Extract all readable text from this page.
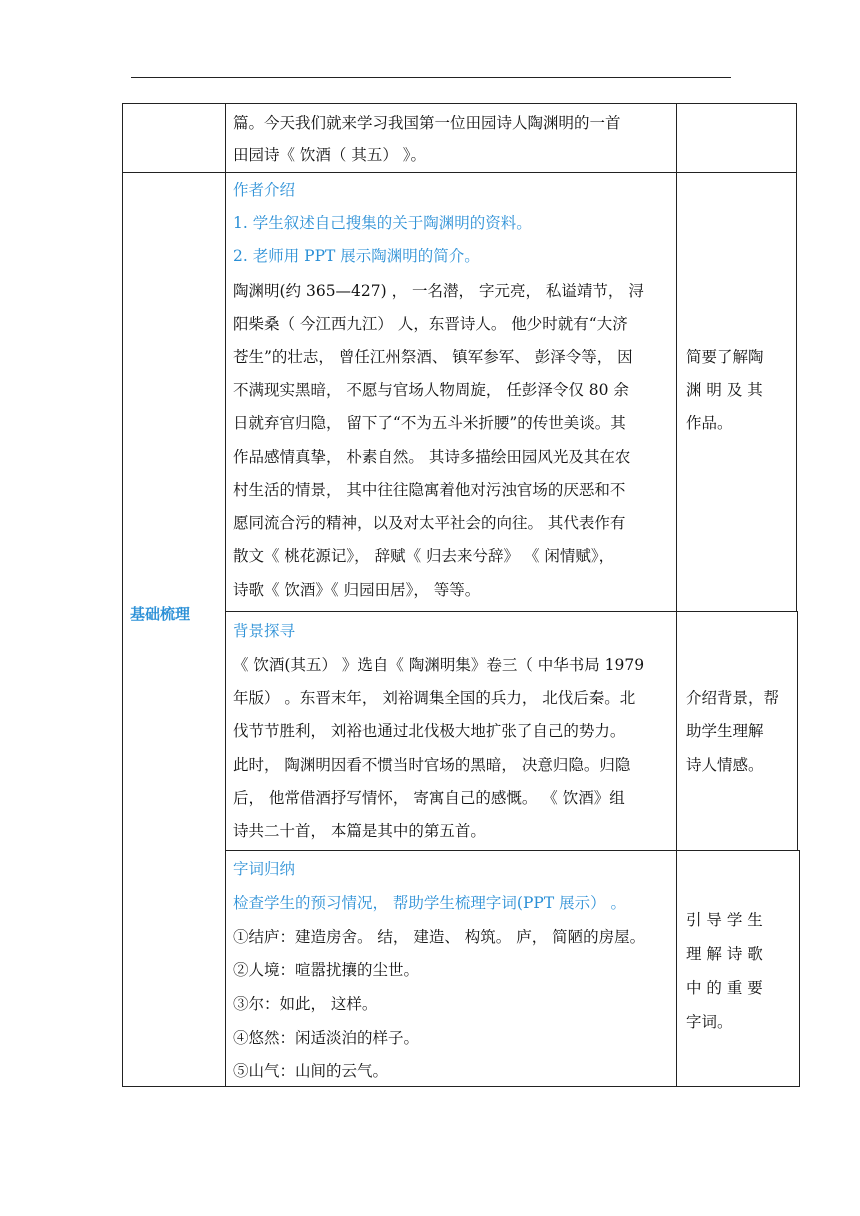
篇。今天我们就来学习我国第一位田园诗人陶渊明的一首
田园诗《 饮酒（ 其五） 》。
基础梳理
作者介绍
1. 学生叙述自己搜集的关于陶渊明的资料。
2. 老师用 PPT 展示陶渊明的简介。
陶渊明(约 365—427) ， 一名潜， 字元亮， 私谥靖节， 浔
阳柴桑（ 今江西九江） 人，东晋诗人。 他少时就有“大济
苍生”的壮志， 曾任江州祭酒、 镇军参军、 彭泽令等， 因
不满现实黑暗， 不愿与官场人物周旋， 任彭泽令仅 80 余
日就弃官归隐， 留下了“不为五斗米折腰”的传世美谈。其
作品感情真挚， 朴素自然。 其诗多描绘田园风光及其在农
村生活的情景， 其中往往隐寓着他对污浊官场的厌恶和不
愿同流合污的精神，以及对太平社会的向往。 其代表作有
散文《 桃花源记》， 辞赋《 归去来兮辞》 《 闲情赋》，
诗歌《 饮酒》《 归园田居》， 等等。
简要了解陶
渊 明 及 其
作品。
背景探寻
《 饮酒(其五） 》选自《 陶渊明集》卷三（ 中华书局 1979
年版） 。东晋末年， 刘裕调集全国的兵力， 北伐后秦。北
伐节节胜利， 刘裕也通过北伐极大地扩张了自己的势力。
此时， 陶渊明因看不惯当时官场的黑暗， 决意归隐。归隐
后， 他常借酒抒写情怀， 寄寓自己的感慨。 《 饮酒》组
诗共二十首， 本篇是其中的第五首。
介绍背景，帮
助学生理解
诗人情感。
字词归纳
检查学生的预习情况， 帮助学生梳理字词(PPT 展示） 。
①结庐：建造房舍。 结， 建造、 构筑。 庐， 简陋的房屋。
②人境：喧嚣扰攘的尘世。
③尔：如此， 这样。
④悠然：闲适淡泊的样子。
⑤山气：山间的云气。
引 导 学 生
理 解 诗 歌
中 的 重 要
字词。
